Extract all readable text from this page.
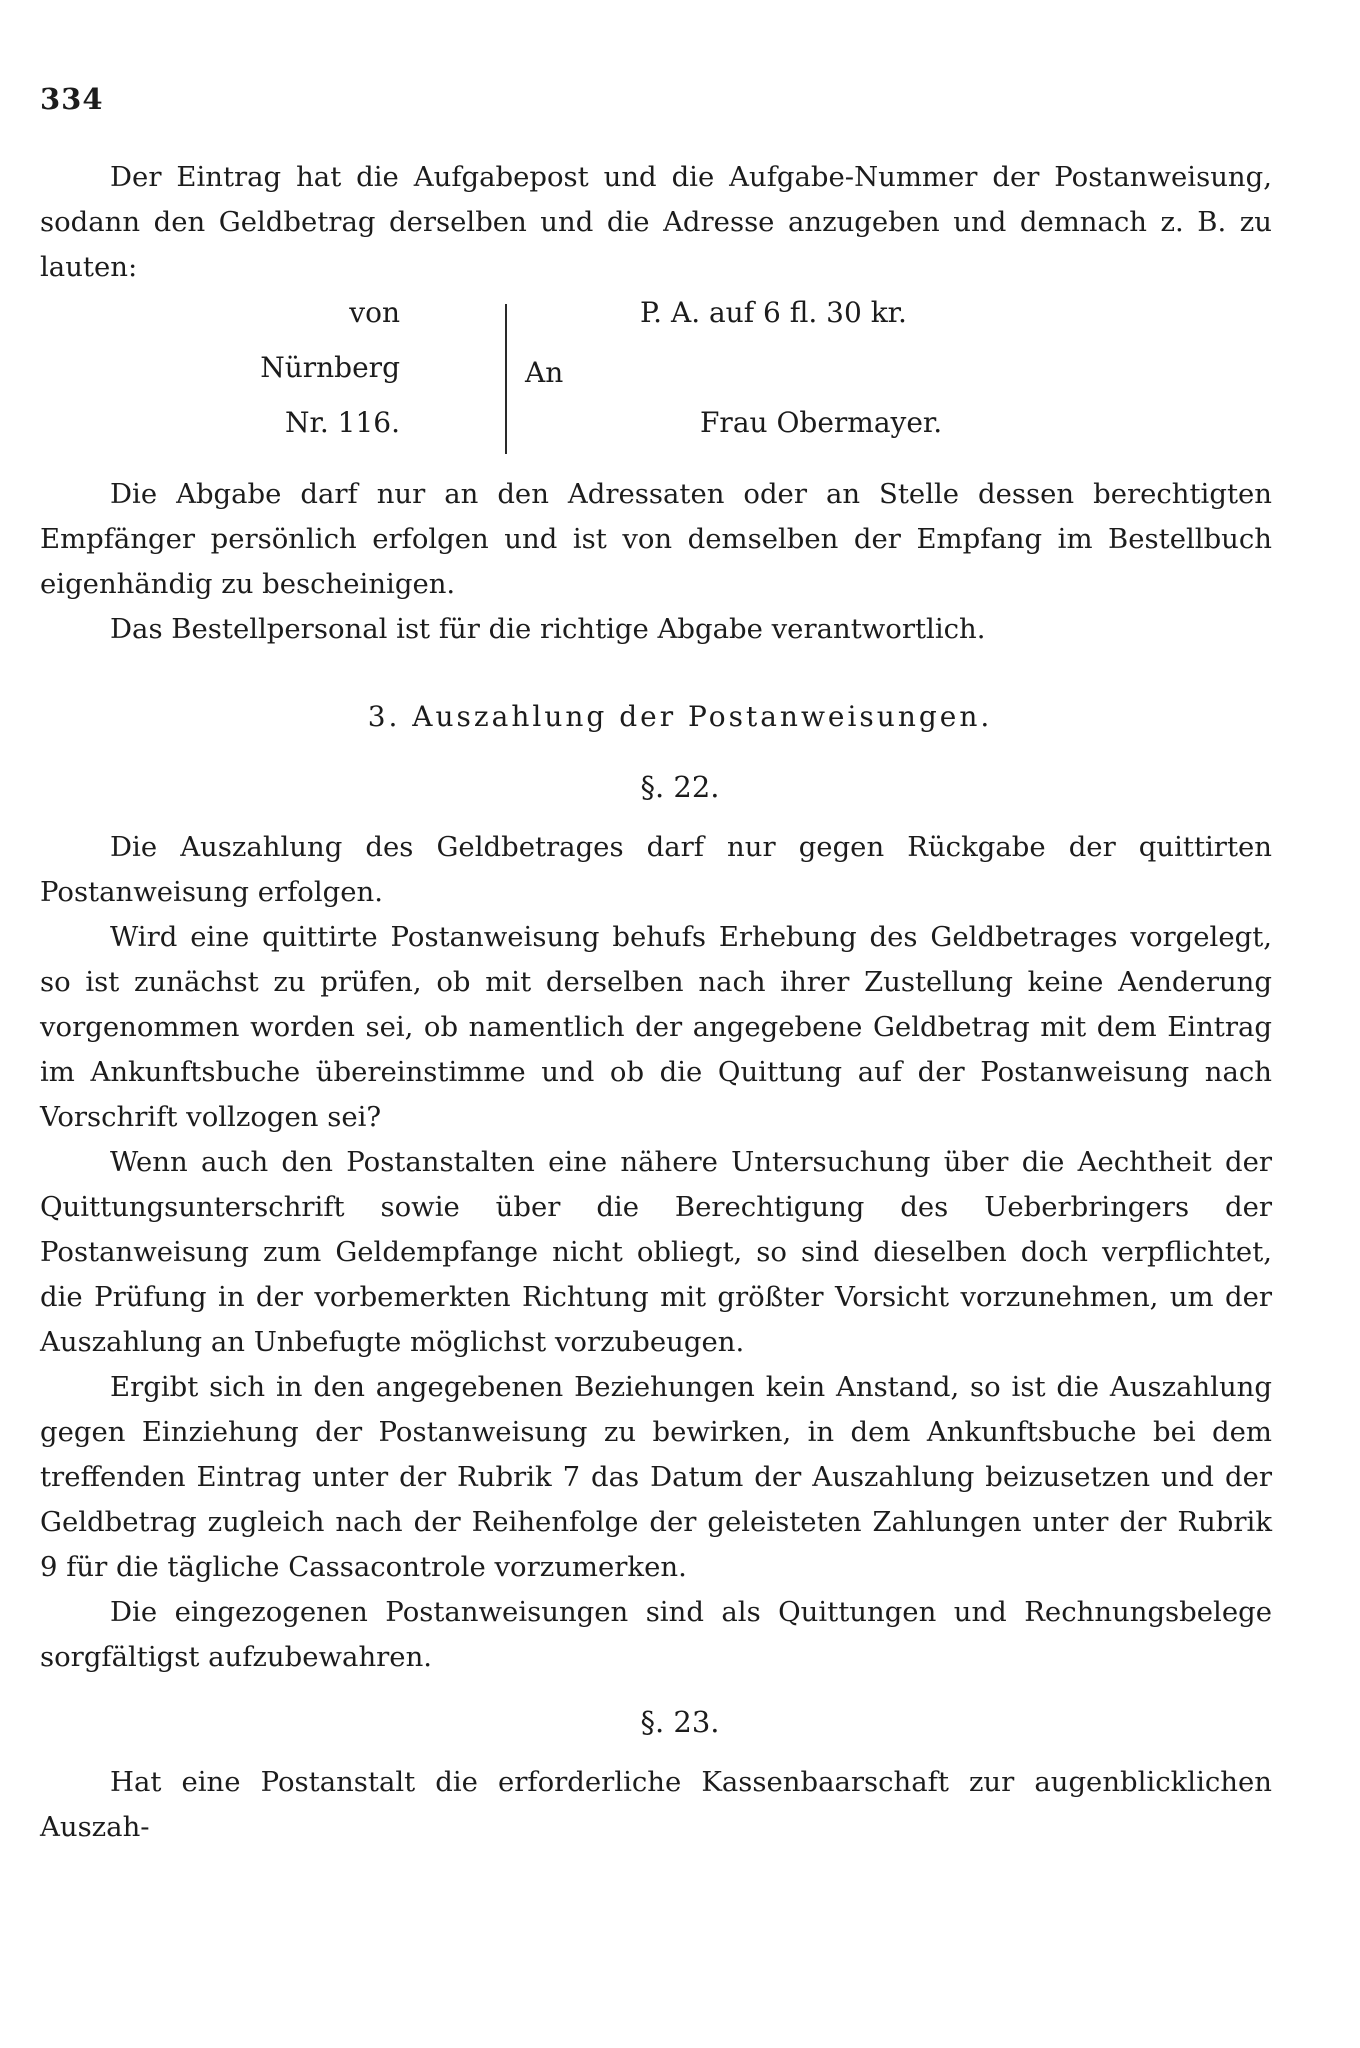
334
Der Eintrag hat die Aufgabepost und die Aufgabe-Nummer der Postanweisung, sodann den Geldbetrag derselben und die Adresse anzugeben und demnach z. B. zu lauten:
von
Nürnberg
Nr. 116.
An
P. A. auf 6 fl. 30 kr.
Frau Obermayer.
Die Abgabe darf nur an den Adressaten oder an Stelle dessen berechtigten Empfänger persönlich erfolgen und ist von demselben der Empfang im Bestellbuch eigenhändig zu bescheinigen.
Das Bestellpersonal ist für die richtige Abgabe verantwortlich.
3. Auszahlung der Postanweisungen.
§. 22.
Die Auszahlung des Geldbetrages darf nur gegen Rückgabe der quittirten Postanweisung erfolgen.
Wird eine quittirte Postanweisung behufs Erhebung des Geldbetrages vorgelegt, so ist zunächst zu prüfen, ob mit derselben nach ihrer Zustellung keine Aenderung vorgenommen worden sei, ob namentlich der angegebene Geldbetrag mit dem Eintrag im Ankunftsbuche übereinstimme und ob die Quittung auf der Postanweisung nach Vorschrift vollzogen sei?
Wenn auch den Postanstalten eine nähere Untersuchung über die Aechtheit der Quittungsunterschrift sowie über die Berechtigung des Ueberbringers der Postanweisung zum Geldempfange nicht obliegt, so sind dieselben doch verpflichtet, die Prüfung in der vorbemerkten Richtung mit größter Vorsicht vorzunehmen, um der Auszahlung an Unbefugte möglichst vorzubeugen.
Ergibt sich in den angegebenen Beziehungen kein Anstand, so ist die Auszahlung gegen Einziehung der Postanweisung zu bewirken, in dem Ankunftsbuche bei dem treffenden Eintrag unter der Rubrik 7 das Datum der Auszahlung beizusetzen und der Geldbetrag zugleich nach der Reihenfolge der geleisteten Zahlungen unter der Rubrik 9 für die tägliche Cassacontrole vorzumerken.
Die eingezogenen Postanweisungen sind als Quittungen und Rechnungsbelege sorgfältigst aufzubewahren.
§. 23.
Hat eine Postanstalt die erforderliche Kassenbaarschaft zur augenblicklichen Auszah-
